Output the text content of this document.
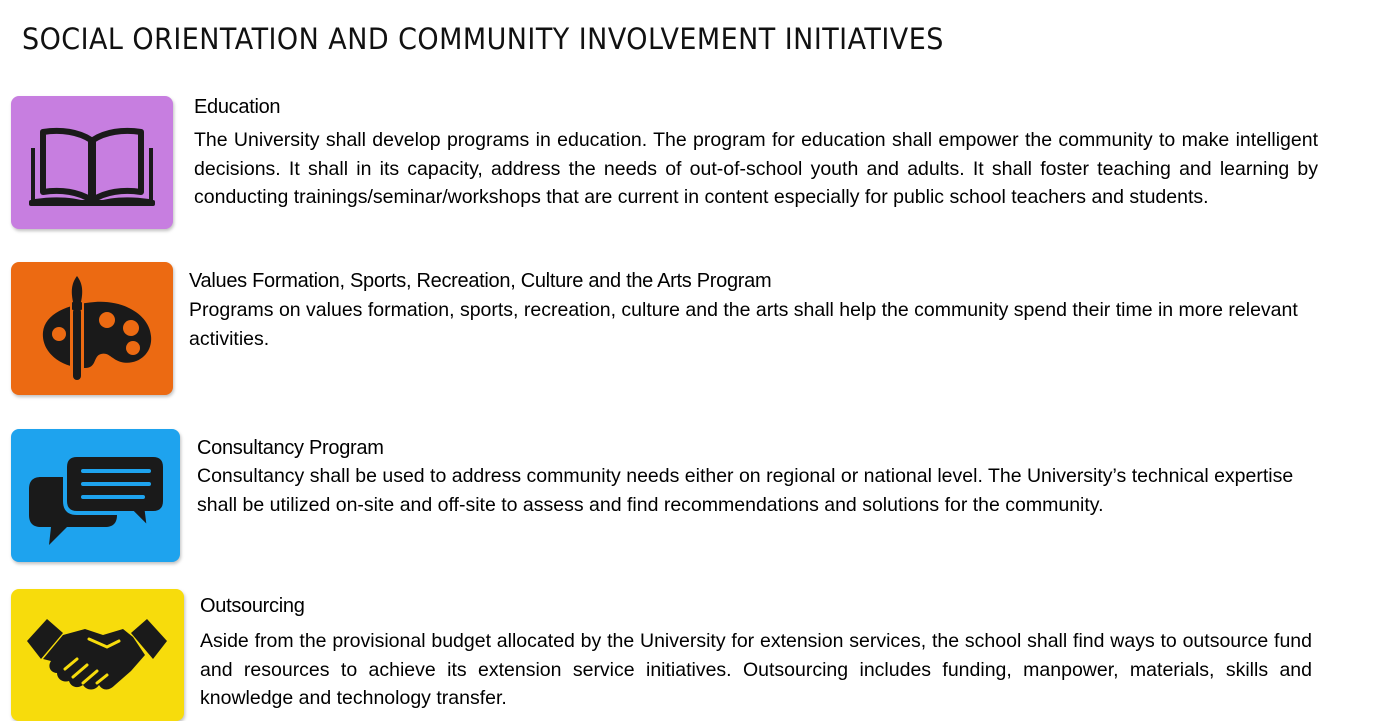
SOCIAL ORIENTATION AND COMMUNITY INVOLVEMENT INITIATIVES
Education
The University shall develop programs in education. The program for education shall empower the community to make intelligent decisions. It shall in its capacity, address the needs of out-of-school youth and adults. It shall foster teaching and learning by conducting trainings/seminar/workshops that are current in content especially for public school teachers and students.
Values Formation, Sports, Recreation, Culture and the Arts Program
Programs on values formation, sports, recreation, culture and the arts shall help the community spend their time in more relevant activities.
Consultancy Program
Consultancy shall be used to address community needs either on regional or national level. The University’s technical expertise shall be utilized on-site and off-site to assess and find recommendations and solutions for the community.
Outsourcing
Aside from the provisional budget allocated by the University for extension services, the school shall find ways to outsource fund and resources to achieve its extension service initiatives. Outsourcing includes funding, manpower, materials, skills and knowledge and technology transfer.
